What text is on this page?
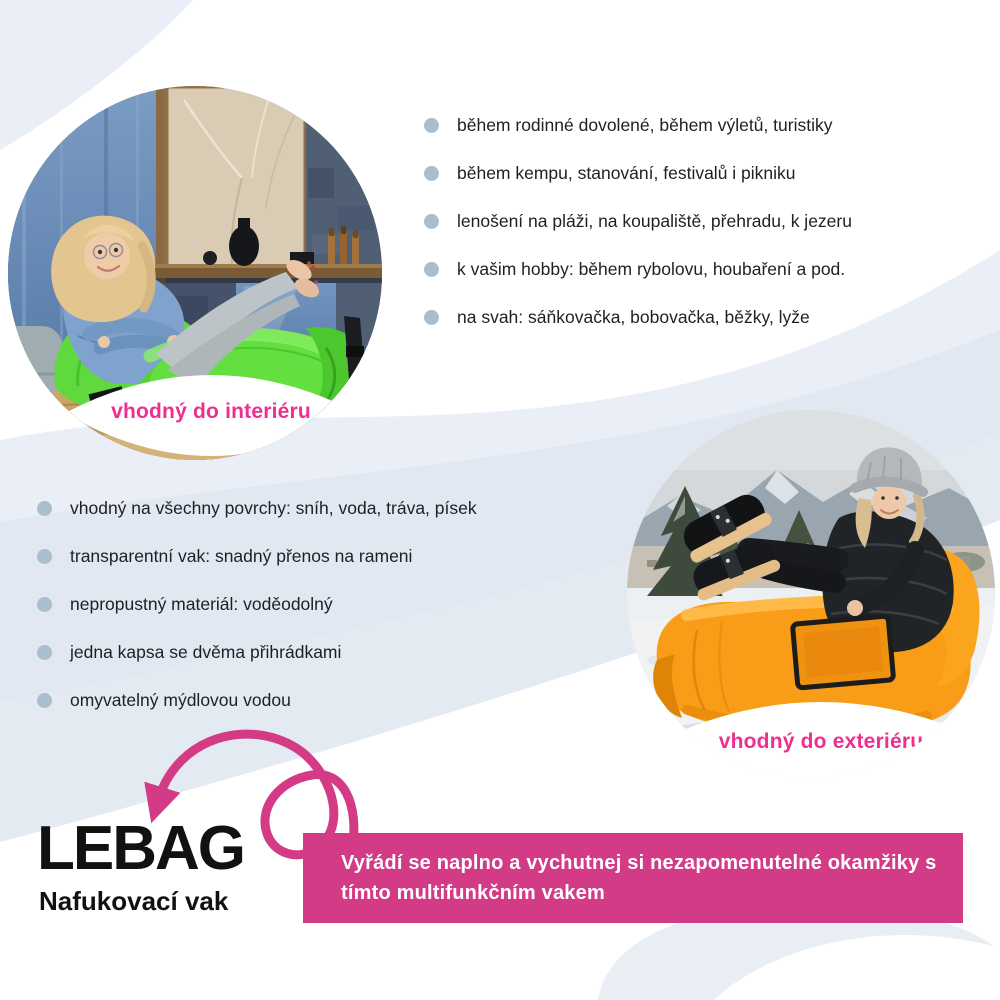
vhodný do interiéru
během rodinné dovolené, během výletů, turistiky
během kempu, stanování, festivalů i pikniku
lenošení na pláži, na koupaliště, přehradu, k jezeru
k vašim hobby: během rybolovu, houbaření a pod.
na svah: sáňkovačka, bobovačka, běžky, lyže
vhodný na všechny povrchy: sníh, voda, tráva, písek
transparentní vak: snadný přenos na rameni
nepropustný materiál: voděodolný
jedna kapsa se dvěma přihrádkami
omyvatelný mýdlovou vodou
vhodný do exteriéru
LEBAG

Nafukovací vak

Vyřádí se naplno a vychutnej si nezapomenutelné okamžiky s tímto multifunkčním vakem
